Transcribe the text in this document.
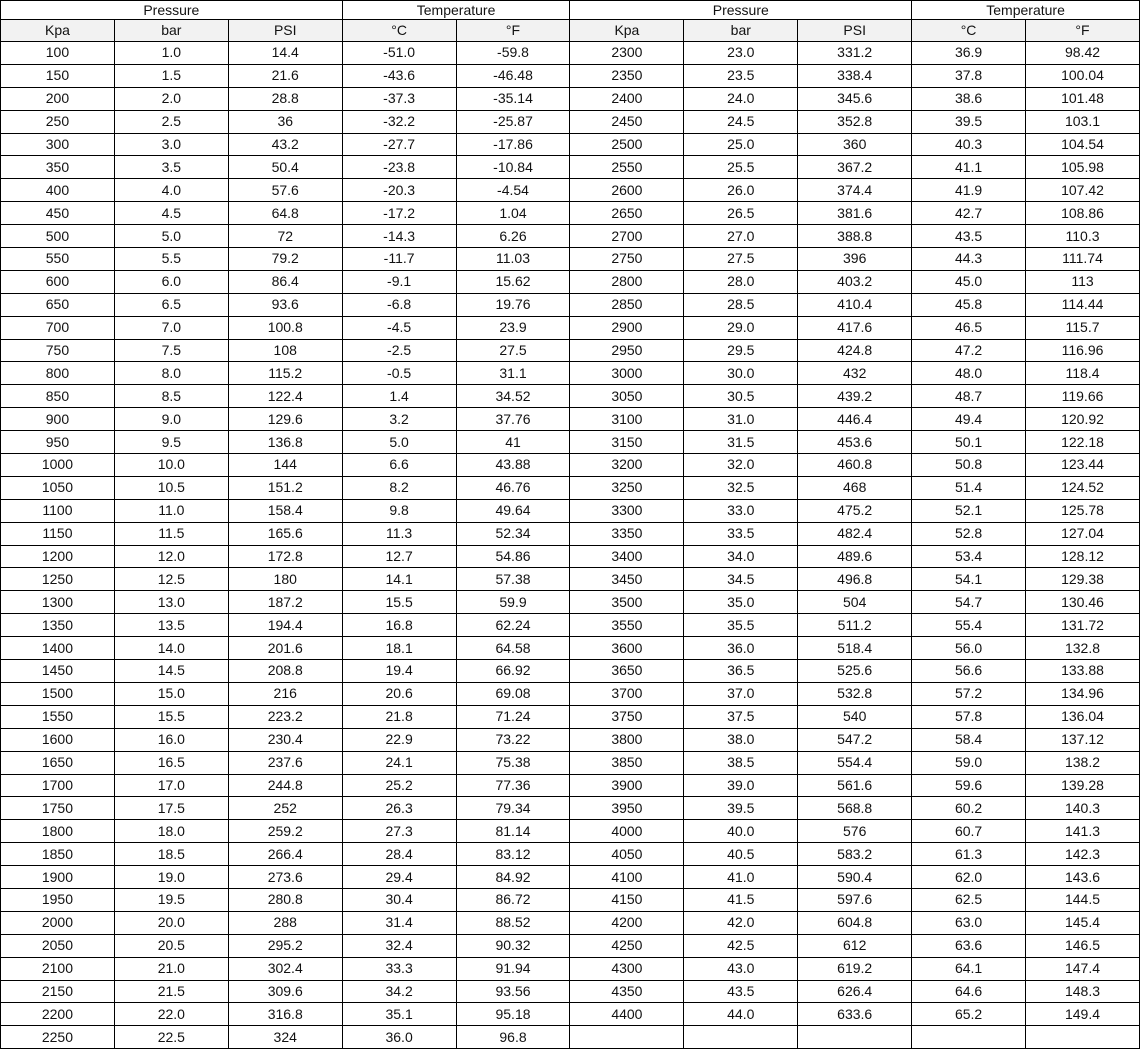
Pressure			Temperature		Pressure			Temperature	
Kpa	bar	PSI	°C	°F	Kpa	bar	PSI	°C	°F
100	1.0	14.4	-51.0	-59.8	2300	23.0	331.2	36.9	98.42
150	1.5	21.6	-43.6	-46.48	2350	23.5	338.4	37.8	100.04
200	2.0	28.8	-37.3	-35.14	2400	24.0	345.6	38.6	101.48
250	2.5	36	-32.2	-25.87	2450	24.5	352.8	39.5	103.1
300	3.0	43.2	-27.7	-17.86	2500	25.0	360	40.3	104.54
350	3.5	50.4	-23.8	-10.84	2550	25.5	367.2	41.1	105.98
400	4.0	57.6	-20.3	-4.54	2600	26.0	374.4	41.9	107.42
450	4.5	64.8	-17.2	1.04	2650	26.5	381.6	42.7	108.86
500	5.0	72	-14.3	6.26	2700	27.0	388.8	43.5	110.3
550	5.5	79.2	-11.7	11.03	2750	27.5	396	44.3	111.74
600	6.0	86.4	-9.1	15.62	2800	28.0	403.2	45.0	113
650	6.5	93.6	-6.8	19.76	2850	28.5	410.4	45.8	114.44
700	7.0	100.8	-4.5	23.9	2900	29.0	417.6	46.5	115.7
750	7.5	108	-2.5	27.5	2950	29.5	424.8	47.2	116.96
800	8.0	115.2	-0.5	31.1	3000	30.0	432	48.0	118.4
850	8.5	122.4	1.4	34.52	3050	30.5	439.2	48.7	119.66
900	9.0	129.6	3.2	37.76	3100	31.0	446.4	49.4	120.92
950	9.5	136.8	5.0	41	3150	31.5	453.6	50.1	122.18
1000	10.0	144	6.6	43.88	3200	32.0	460.8	50.8	123.44
1050	10.5	151.2	8.2	46.76	3250	32.5	468	51.4	124.52
1100	11.0	158.4	9.8	49.64	3300	33.0	475.2	52.1	125.78
1150	11.5	165.6	11.3	52.34	3350	33.5	482.4	52.8	127.04
1200	12.0	172.8	12.7	54.86	3400	34.0	489.6	53.4	128.12
1250	12.5	180	14.1	57.38	3450	34.5	496.8	54.1	129.38
1300	13.0	187.2	15.5	59.9	3500	35.0	504	54.7	130.46
1350	13.5	194.4	16.8	62.24	3550	35.5	511.2	55.4	131.72
1400	14.0	201.6	18.1	64.58	3600	36.0	518.4	56.0	132.8
1450	14.5	208.8	19.4	66.92	3650	36.5	525.6	56.6	133.88
1500	15.0	216	20.6	69.08	3700	37.0	532.8	57.2	134.96
1550	15.5	223.2	21.8	71.24	3750	37.5	540	57.8	136.04
1600	16.0	230.4	22.9	73.22	3800	38.0	547.2	58.4	137.12
1650	16.5	237.6	24.1	75.38	3850	38.5	554.4	59.0	138.2
1700	17.0	244.8	25.2	77.36	3900	39.0	561.6	59.6	139.28
1750	17.5	252	26.3	79.34	3950	39.5	568.8	60.2	140.3
1800	18.0	259.2	27.3	81.14	4000	40.0	576	60.7	141.3
1850	18.5	266.4	28.4	83.12	4050	40.5	583.2	61.3	142.3
1900	19.0	273.6	29.4	84.92	4100	41.0	590.4	62.0	143.6
1950	19.5	280.8	30.4	86.72	4150	41.5	597.6	62.5	144.5
2000	20.0	288	31.4	88.52	4200	42.0	604.8	63.0	145.4
2050	20.5	295.2	32.4	90.32	4250	42.5	612	63.6	146.5
2100	21.0	302.4	33.3	91.94	4300	43.0	619.2	64.1	147.4
2150	21.5	309.6	34.2	93.56	4350	43.5	626.4	64.6	148.3
2200	22.0	316.8	35.1	95.18	4400	44.0	633.6	65.2	149.4
2250	22.5	324	36.0	96.8					
